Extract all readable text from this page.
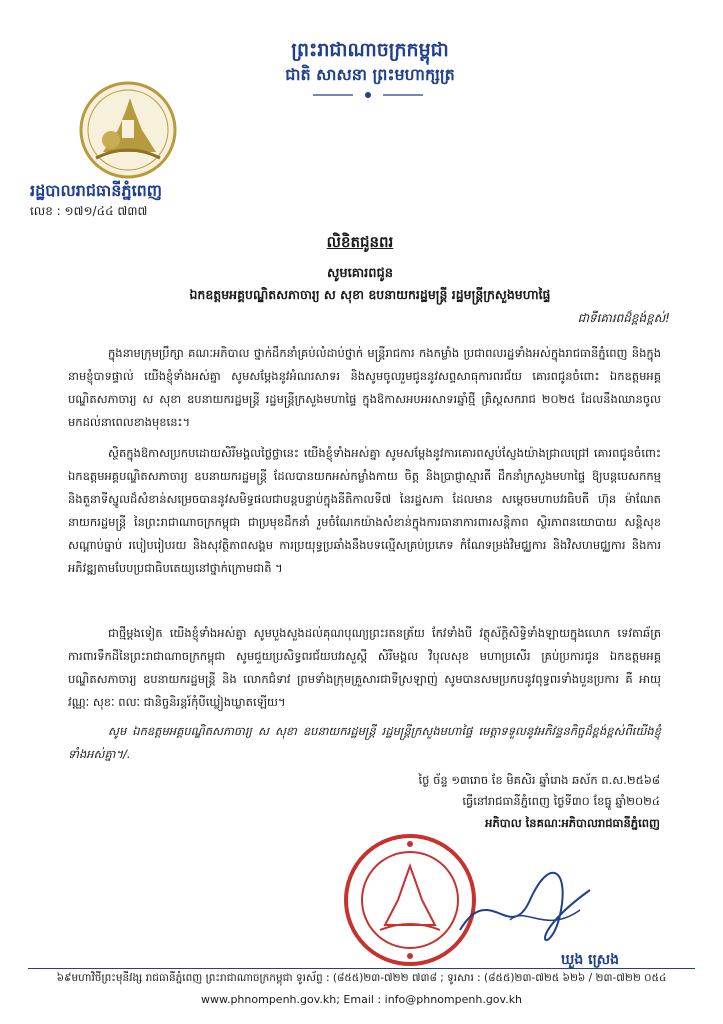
ព្រះរាជាណាចក្រកម្ពុជា
ជាតិ សាសនា ព្រះមហាក្សត្រ
រដ្ឋបាលរាជធានីភ្នំពេញ
លេខ : ១៧១/៤៤ ៧៣៧
លិខិតជូនពរ
សូមគោរពជូន
ឯកឧត្តមអគ្គបណ្ឌិតសភាចារ្យ ស សុខា ឧបនាយករដ្ឋមន្ត្រី រដ្ឋមន្ត្រីក្រសួងមហាផ្ទៃ
ជាទីគោរពដ៏ខ្ពង់ខ្ពស់!
ក្នុងនាមក្រុមប្រឹក្សា គណៈអភិបាល ថ្នាក់ដឹកនាំគ្រប់លំដាប់ថ្នាក់ មន្ត្រីរាជការ កងកម្លាំង ប្រជាពលរដ្ឋទាំងអស់ក្នុងរាជធានីភ្នំពេញ និងក្នុងនាមខ្ញុំបាទផ្ទាល់ យើងខ្ញុំទាំងអស់គ្នា សូមសម្ដែងនូវអំណរសាទរ និងសូមចូលរួមជូននូវសព្ទសាធុការពរជ័យ គោរពជូនចំពោះ ឯកឧត្តមអគ្គបណ្ឌិតសភាចារ្យ ស សុខា ឧបនាយករដ្ឋមន្ត្រី រដ្ឋមន្ត្រីក្រសួងមហាផ្ទៃ ក្នុងឱកាសអបអរសាទរឆ្នាំថ្មី គ្រិស្តសករាជ ២០២៥ ដែលនឹងឈានចូលមកដល់នាពេលខាងមុខនេះ។
ស្ថិតក្នុងឱកាសប្រកបដោយសិរីមង្គលថ្លៃថ្លានេះ យើងខ្ញុំទាំងអស់គ្នា សូមសម្ដែងនូវការគោរពស្ញប់ស្ញែងយ៉ាងជ្រាលជ្រៅ គោរពជូនចំពោះ ឯកឧត្តមអគ្គបណ្ឌិតសភាចារ្យ ឧបនាយករដ្ឋមន្ត្រី ដែលបានយកអស់កម្លាំងកាយ ចិត្ត និងប្រាជ្ញាស្មារតី ដឹកនាំក្រសួងមហាផ្ទៃ ឱ្យបន្តបេសកកម្ម និងតួនាទីស្នូលដ៏សំខាន់សម្រេចបាននូវសមិទ្ធផលជាបន្តបន្ទាប់ក្នុងនីតិកាលទី៧ នៃរដ្ឋសភា ដែលមាន សម្ដេចមហាបវរធិបតី ហ៊ុន ម៉ាណែត នាយករដ្ឋមន្ត្រី នៃព្រះរាជាណាចក្រកម្ពុជា ជាប្រមុខដឹកនាំ រួមចំណែកយ៉ាងសំខាន់ក្នុងការធានាការពារសន្តិភាព ស្ថិរភាពនយោបាយ សន្តិសុខ សណ្ដាប់ធ្នាប់ របៀបរៀបរយ និងសុវត្ថិភាពសង្គម ការប្រយុទ្ធប្រឆាំងនឹងបទល្មើសគ្រប់ប្រភេទ កំណែទម្រង់វិមជ្ឈការ និងវិសហមជ្ឈការ និងការអភិវឌ្ឍតាមបែបប្រជាធិបតេយ្យនៅថ្នាក់ក្រោមជាតិ ។
ជាថ្មីម្ដងទៀត យើងខ្ញុំទាំងអស់គ្នា សូមបួងសួងដល់គុណបុណ្យព្រះរតនត្រ័យ កែវទាំងបី វត្ថុស័ក្តិសិទ្ធិទាំងឡាយក្នុងលោក ទេវតាឆ័ត្រការពារទឹកដីនៃព្រះរាជាណាចក្រកម្ពុជា សូមជួយប្រសិទ្ធពរជ័យបវរសួស្ដី សិរីមង្គល វិបុលសុខ មហាប្រសើរ គ្រប់ប្រការជូន ឯកឧត្តមអគ្គបណ្ឌិតសភាចារ្យ ឧបនាយករដ្ឋមន្ត្រី និង លោកជំទាវ ព្រមទាំងក្រុមគ្រួសារជាទីស្រឡាញ់ សូមបានសមប្រកបនូវពុទ្ធពរទាំងបួនប្រការ គឺ អាយុ វណ្ណៈ សុខៈ ពលៈ ជានិច្ចនិរន្តរ៍កុំបីឃ្លៀងឃ្លាតឡើយ។
សូម ឯកឧត្តមអគ្គបណ្ឌិតសភាចារ្យ ស សុខា ឧបនាយករដ្ឋមន្ត្រី រដ្ឋមន្ត្រីក្រសួងមហាផ្ទៃ មេត្តាទទួលនូវអភិវន្ទនកិច្ចដ៏ខ្ពង់ខ្ពស់ពីយើងខ្ញុំទាំងអស់គ្នា។/.
ថ្ងៃ ច័ន្ទ ១៣រោច ខែ មិគសិរ ឆ្នាំរោង ឆស័ក ព.ស.២៥៦៨
ធ្វើនៅរាជធានីភ្នំពេញ ថ្ងៃទី៣០ ខែធ្នូ ឆ្នាំ២០២៤
អភិបាល នៃគណៈអភិបាលរាជធានីភ្នំពេញ
ឃួង ស្រេង
៦៩មហាវិថីព្រះមុនីវង្ស រាជធានីភ្នំពេញ ព្រះរាជាណាចក្រកម្ពុជា ទូរស័ព្ទ : (៨៥៥)២៣-៧២២ ៧៣៨ ; ទូរសារ : (៨៥៥)២៣-៧២៥ ៦២៦ / ២៣-៧២២ ០៥៤
www.phnompenh.gov.kh; Email : info@phnompenh.gov.kh
